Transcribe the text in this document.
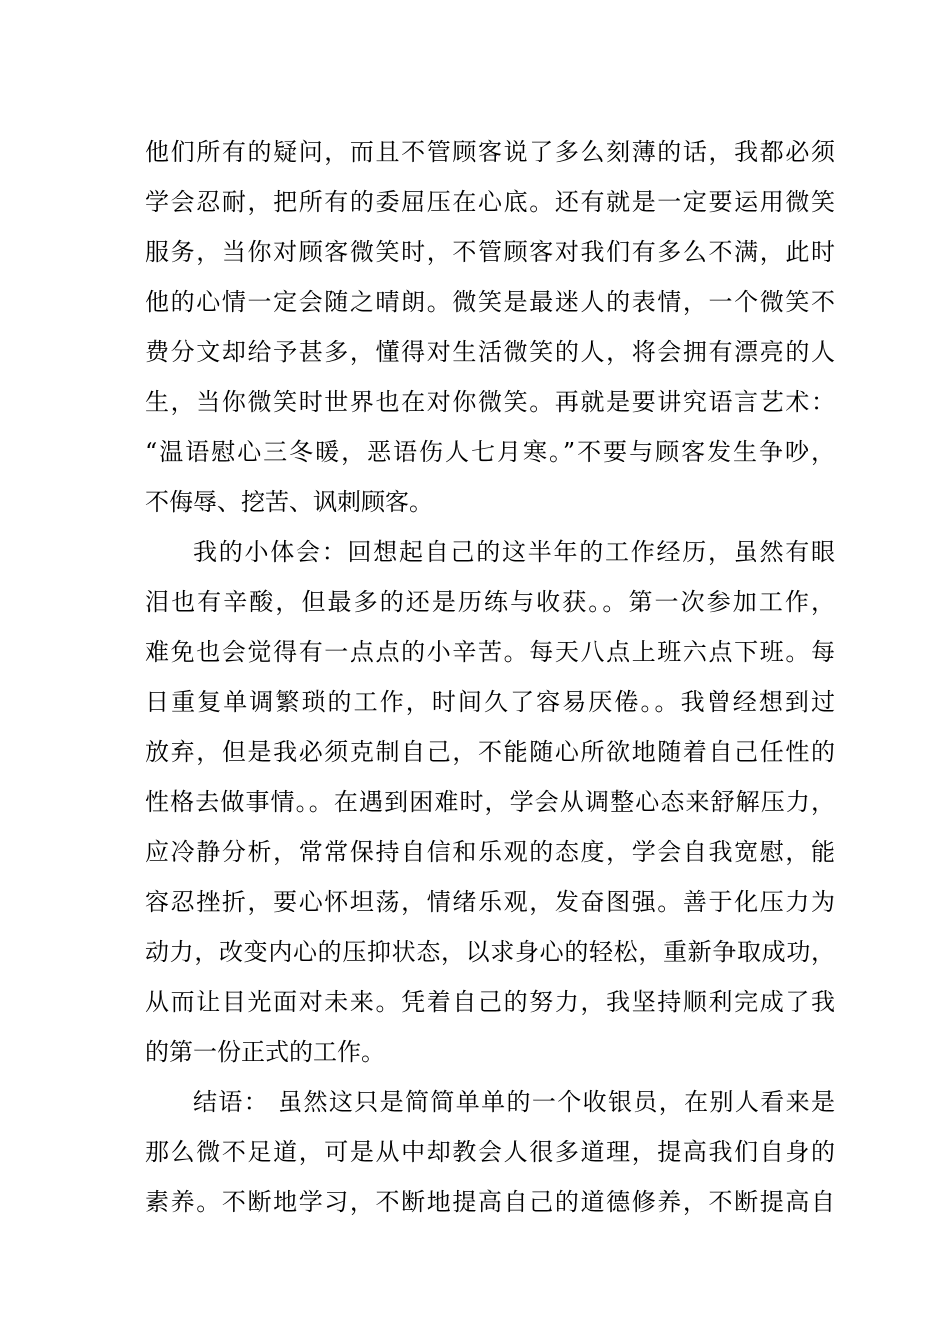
他们所有的疑问，而且不管顾客说了多么刻薄的话，我都必须
学会忍耐，把所有的委屈压在心底。还有就是一定要运用微笑
服务，当你对顾客微笑时，不管顾客对我们有多么不满，此时
他的心情一定会随之晴朗。微笑是最迷人的表情，一个微笑不
费分文却给予甚多，懂得对生活微笑的人，将会拥有漂亮的人
生，当你微笑时世界也在对你微笑。再就是要讲究语言艺术：
“温语慰心三冬暖，恶语伤人七月寒。”不要与顾客发生争吵，
不侮辱、挖苦、讽刺顾客。
我的小体会：回想起自己的这半年的工作经历，虽然有眼
泪也有辛酸，但最多的还是历练与收获。。第一次参加工作，
难免也会觉得有一点点的小辛苦。每天八点上班六点下班。每
日重复单调繁琐的工作，时间久了容易厌倦。。我曾经想到过
放弃，但是我必须克制自己，不能随心所欲地随着自己任性的
性格去做事情。。在遇到困难时，学会从调整心态来舒解压力，
应冷静分析，常常保持自信和乐观的态度，学会自我宽慰，能
容忍挫折，要心怀坦荡，情绪乐观，发奋图强。善于化压力为
动力，改变内心的压抑状态，以求身心的轻松，重新争取成功，
从而让目光面对未来。凭着自己的努力，我坚持顺利完成了我
的第一份正式的工作。
结语： 虽然这只是简简单单的一个收银员，在别人看来是
那么微不足道，可是从中却教会人很多道理，提高我们自身的
素养。不断地学习，不断地提高自己的道德修养，不断提高自
